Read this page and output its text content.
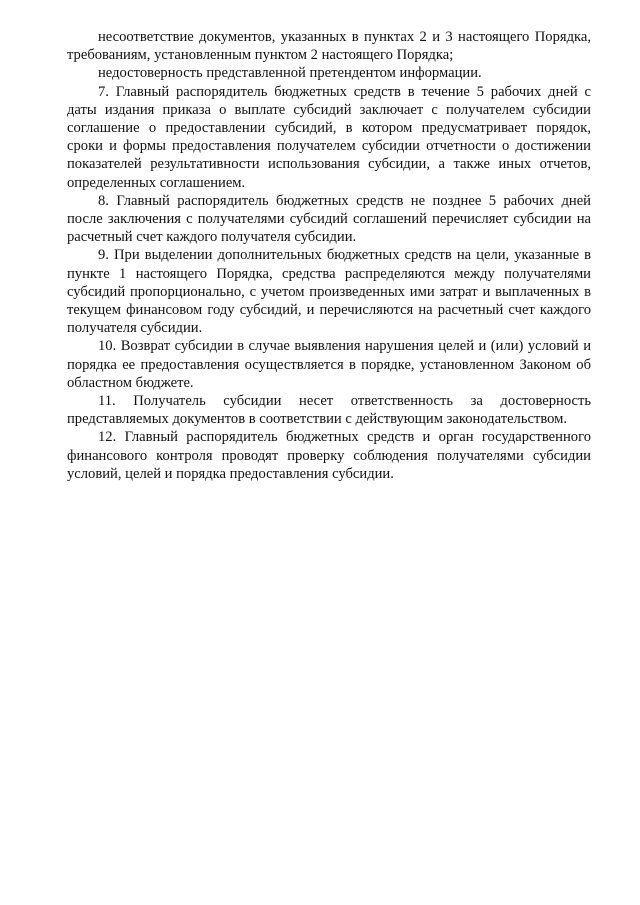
несоответствие документов, указанных в пунктах 2 и 3 настоящего Порядка, требованиям, установленным пунктом 2 настоящего Порядка;

недостоверность представленной претендентом информации.

7. Главный распорядитель бюджетных средств в течение 5 рабочих дней с даты издания приказа о выплате субсидий заключает с получателем субсидии соглашение о предоставлении субсидий, в котором предусматривает порядок, сроки и формы предоставления получателем субсидии отчетности о достижении показателей результативности использования субсидии, а также иных отчетов, определенных соглашением.

8. Главный распорядитель бюджетных средств не позднее 5 рабочих дней после заключения с получателями субсидий соглашений перечисляет субсидии на расчетный счет каждого получателя субсидии.

9. При выделении дополнительных бюджетных средств на цели, указанные в пункте 1 настоящего Порядка, средства распределяются между получателями субсидий пропорционально, с учетом произведенных ими затрат и выплаченных в текущем финансовом году субсидий, и перечисляются на расчетный счет каждого получателя субсидии.

10. Возврат субсидии в случае выявления нарушения целей и (или) условий и порядка ее предоставления осуществляется в порядке, установленном Законом об областном бюджете.

11. Получатель субсидии несет ответственность за достоверность представляемых документов в соответствии с действующим законодательством.

12. Главный распорядитель бюджетных средств и орган государственного финансового контроля проводят проверку соблюдения получателями субсидии условий, целей и порядка предоставления субсидии.
